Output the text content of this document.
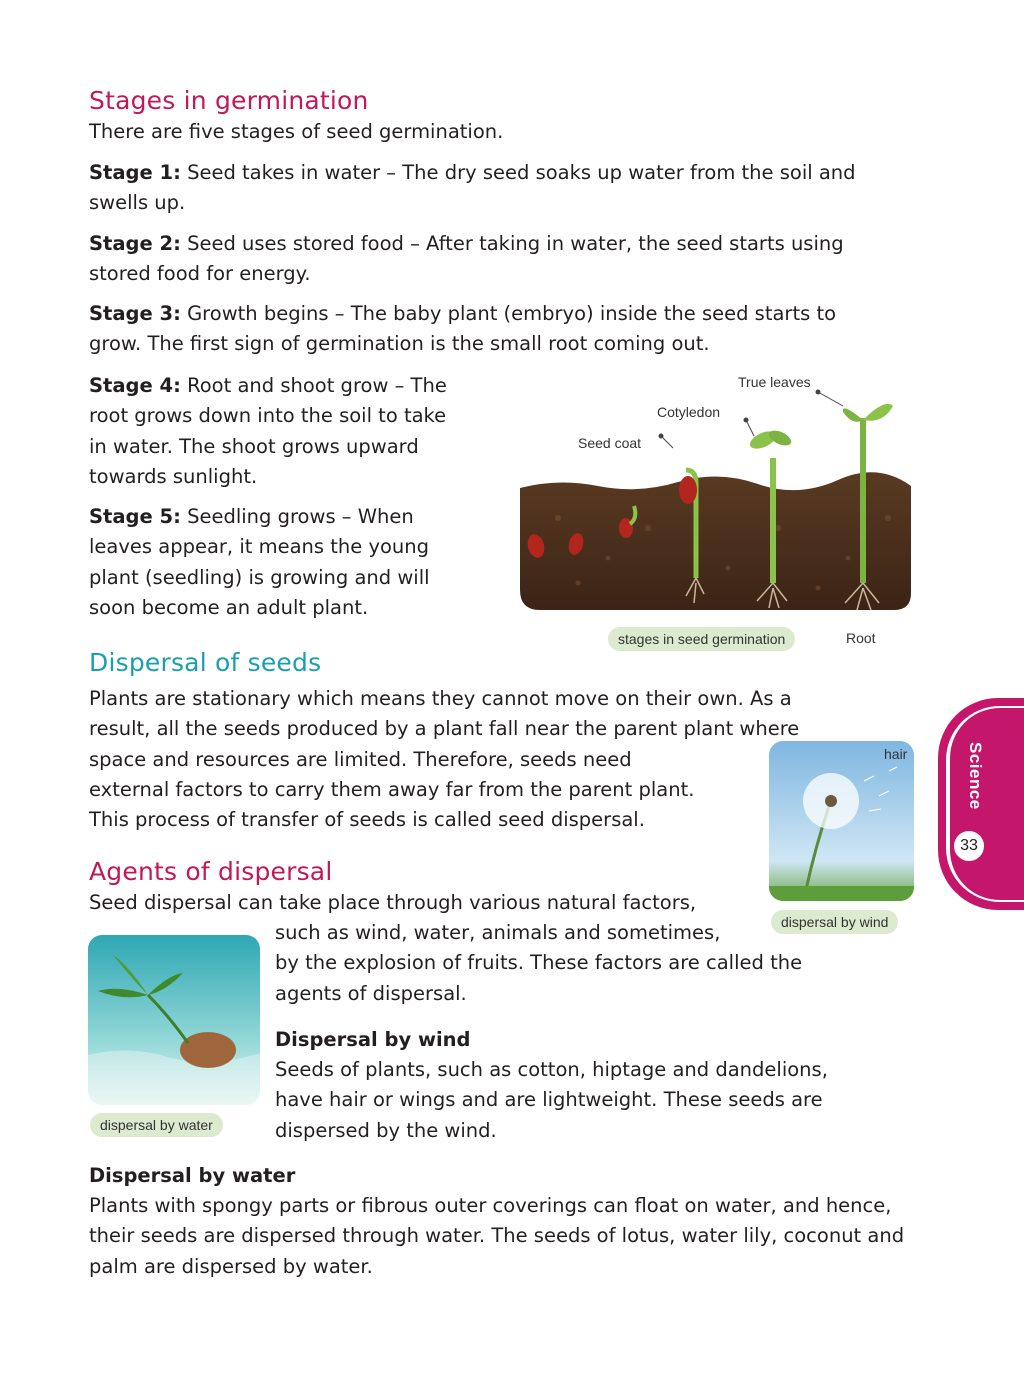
Stages in germination

There are five stages of seed germination.

Stage 1: Seed takes in water – The dry seed soaks up water from the soil and
swells up.
Stage 2: Seed uses stored food – After taking in water, the seed starts using
stored food for energy.
Stage 3: Growth begins – The baby plant (embryo) inside the seed starts to
grow. The first sign of germination is the small root coming out.
Stage 4: Root and shoot grow – The
root grows down into the soil to take
in water. The shoot grows upward
towards sunlight.
Stage 5: Seedling grows – When
leaves appear, it means the young
plant (seedling) is growing and will
soon become an adult plant.
True leaves
Cotyledon
Seed coat
stages in seed germination	Root
Dispersal of seeds
Plants are stationary which means they cannot move on their own. As a
result, all the seeds produced by a plant fall near the parent plant where
space and resources are limited. Therefore, seeds need
external factors to carry them away far from the parent plant.
This process of transfer of seeds is called seed dispersal.
hair
dispersal by wind
Agents of dispersal

Seed dispersal can take place through various natural factors,

such as wind, water, animals and sometimes,
by the explosion of fruits. These factors are called the
agents of dispersal.
dispersal by water
Dispersal by wind
Seeds of plants, such as cotton, hiptage and dandelions,
have hair or wings and are lightweight. These seeds are
dispersed by the wind.
Dispersal by water
Plants with spongy parts or fibrous outer coverings can float on water, and hence,
their seeds are dispersed through water. The seeds of lotus, water lily, coconut and
palm are dispersed by water.
Science
33
